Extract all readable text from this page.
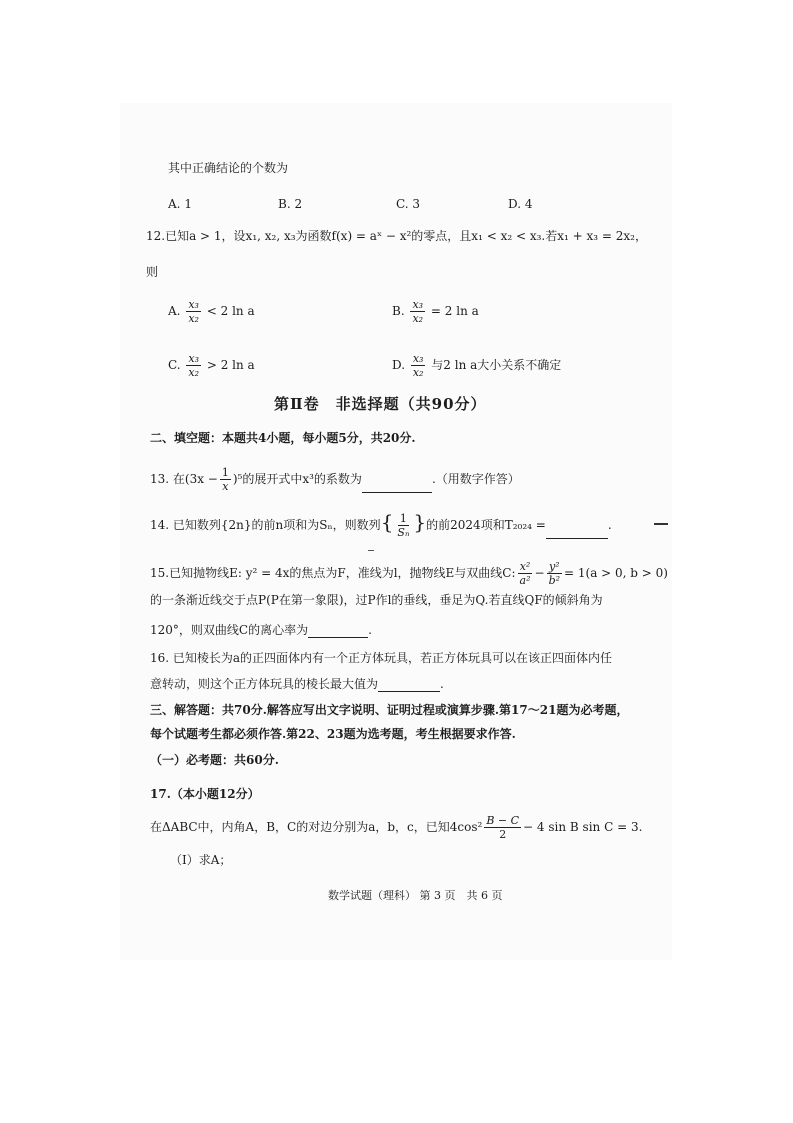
其中正确结论的个数为
A. 1	B. 2	C. 3	D. 4
12.已知a > 1，设x₁, x₂, x₃为函数f(x) = aˣ − x²的零点，且x₁ < x₂ < x₃.若x₁ + x₃ = 2x₂，
则
A. $\frac{\text{x₃}}{\text{x₂}} < 2$ ln a	B. $\frac{\text{x₃}}{\text{x₂}} = 2$ ln a
C. $\frac{\text{x₃}}{\text{x₂}} > 2$ ln a	D. $\frac{\text{x₃}}{\text{x₂}}$ 与2 ln a大小关系不确定
第Ⅱ卷　非选择题（共90分）
二、填空题：本题共4小题，每小题5分，共20分.
13. 在$(3x - \frac{1}{x} )^5$的展开式中x³的系数为	.（用数字作答）
14. 已知数列{2n}的前n项和为Sₙ，则数列{ $\frac{1}{\text{Sₙ}}$ }的前2024项和T₂₀₂₄ =	.
15.已知抛物线E: y² = 4x的焦点为F，准线为l，抛物线E与双曲线C: $\frac{\text{x²}}{\text{a²}} - \frac{\text{y²}}{\text{b²}} = 1(a > 0$, b > 0)
的一条渐近线交于点P(P在第一象限)，过P作l的垂线，垂足为Q.若直线QF的倾斜角为
120°，则双曲线C的离心率为	.
16. 已知棱长为a的正四面体内有一个正方体玩具，若正方体玩具可以在该正四面体内任
意转动，则这个正方体玩具的棱长最大值为	.
三、解答题：共70分.解答应写出文字说明、证明过程或演算步骤.第17～21题为必考题，
每个试题考生都必须作答.第22、23题为选考题，考生根据要求作答.
（一）必考题：共60分.
17.（本小题12分）
在ΔABC中，内角A，B，C的对边分别为a，b，c，已知$4\cos^2 \frac{B - C}{2} - 4$ sin B sin C = 3.
（Ⅰ）求A；
数学试题（理科） 第 3 页　共 6 页
